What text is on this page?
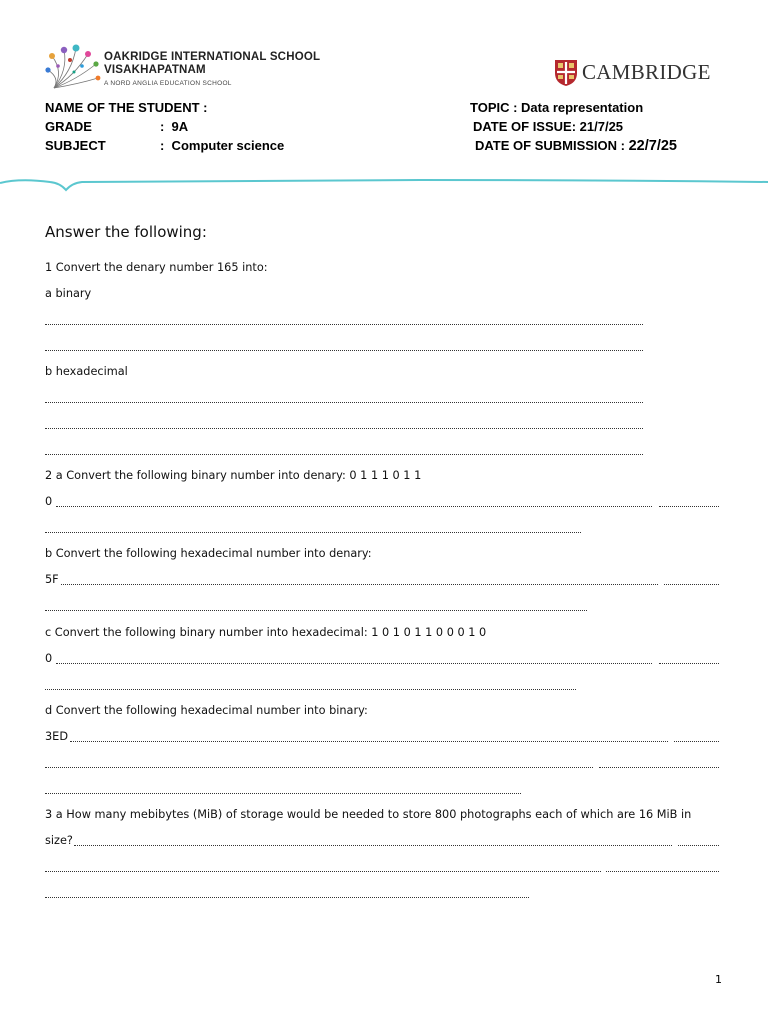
OAKRIDGE INTERNATIONAL SCHOOL
VISAKHAPATNAM
A NORD ANGLIA EDUCATION SCHOOL	CAMBRIDGE
NAME OF THE STUDENT :
GRADE	:  9A
SUBJECT	:  Computer science
TOPIC : Data representation
DATE OF ISSUE: 21/7/25
DATE OF SUBMISSION : 22/7/25
Answer the following:
1 Convert the denary number 165 into:
a binary
b hexadecimal
2 a Convert the following binary number into denary: 0 1 1 1 0 1 1
0
b Convert the following hexadecimal number into denary:
5F
c Convert the following binary number into hexadecimal: 1 0 1 0 1 1 0 0 0 1 0
0
d Convert the following hexadecimal number into binary:
3ED
3 a How many mebibytes (MiB) of storage would be needed to store 800 photographs each of which are 16 MiB in
size?
1
